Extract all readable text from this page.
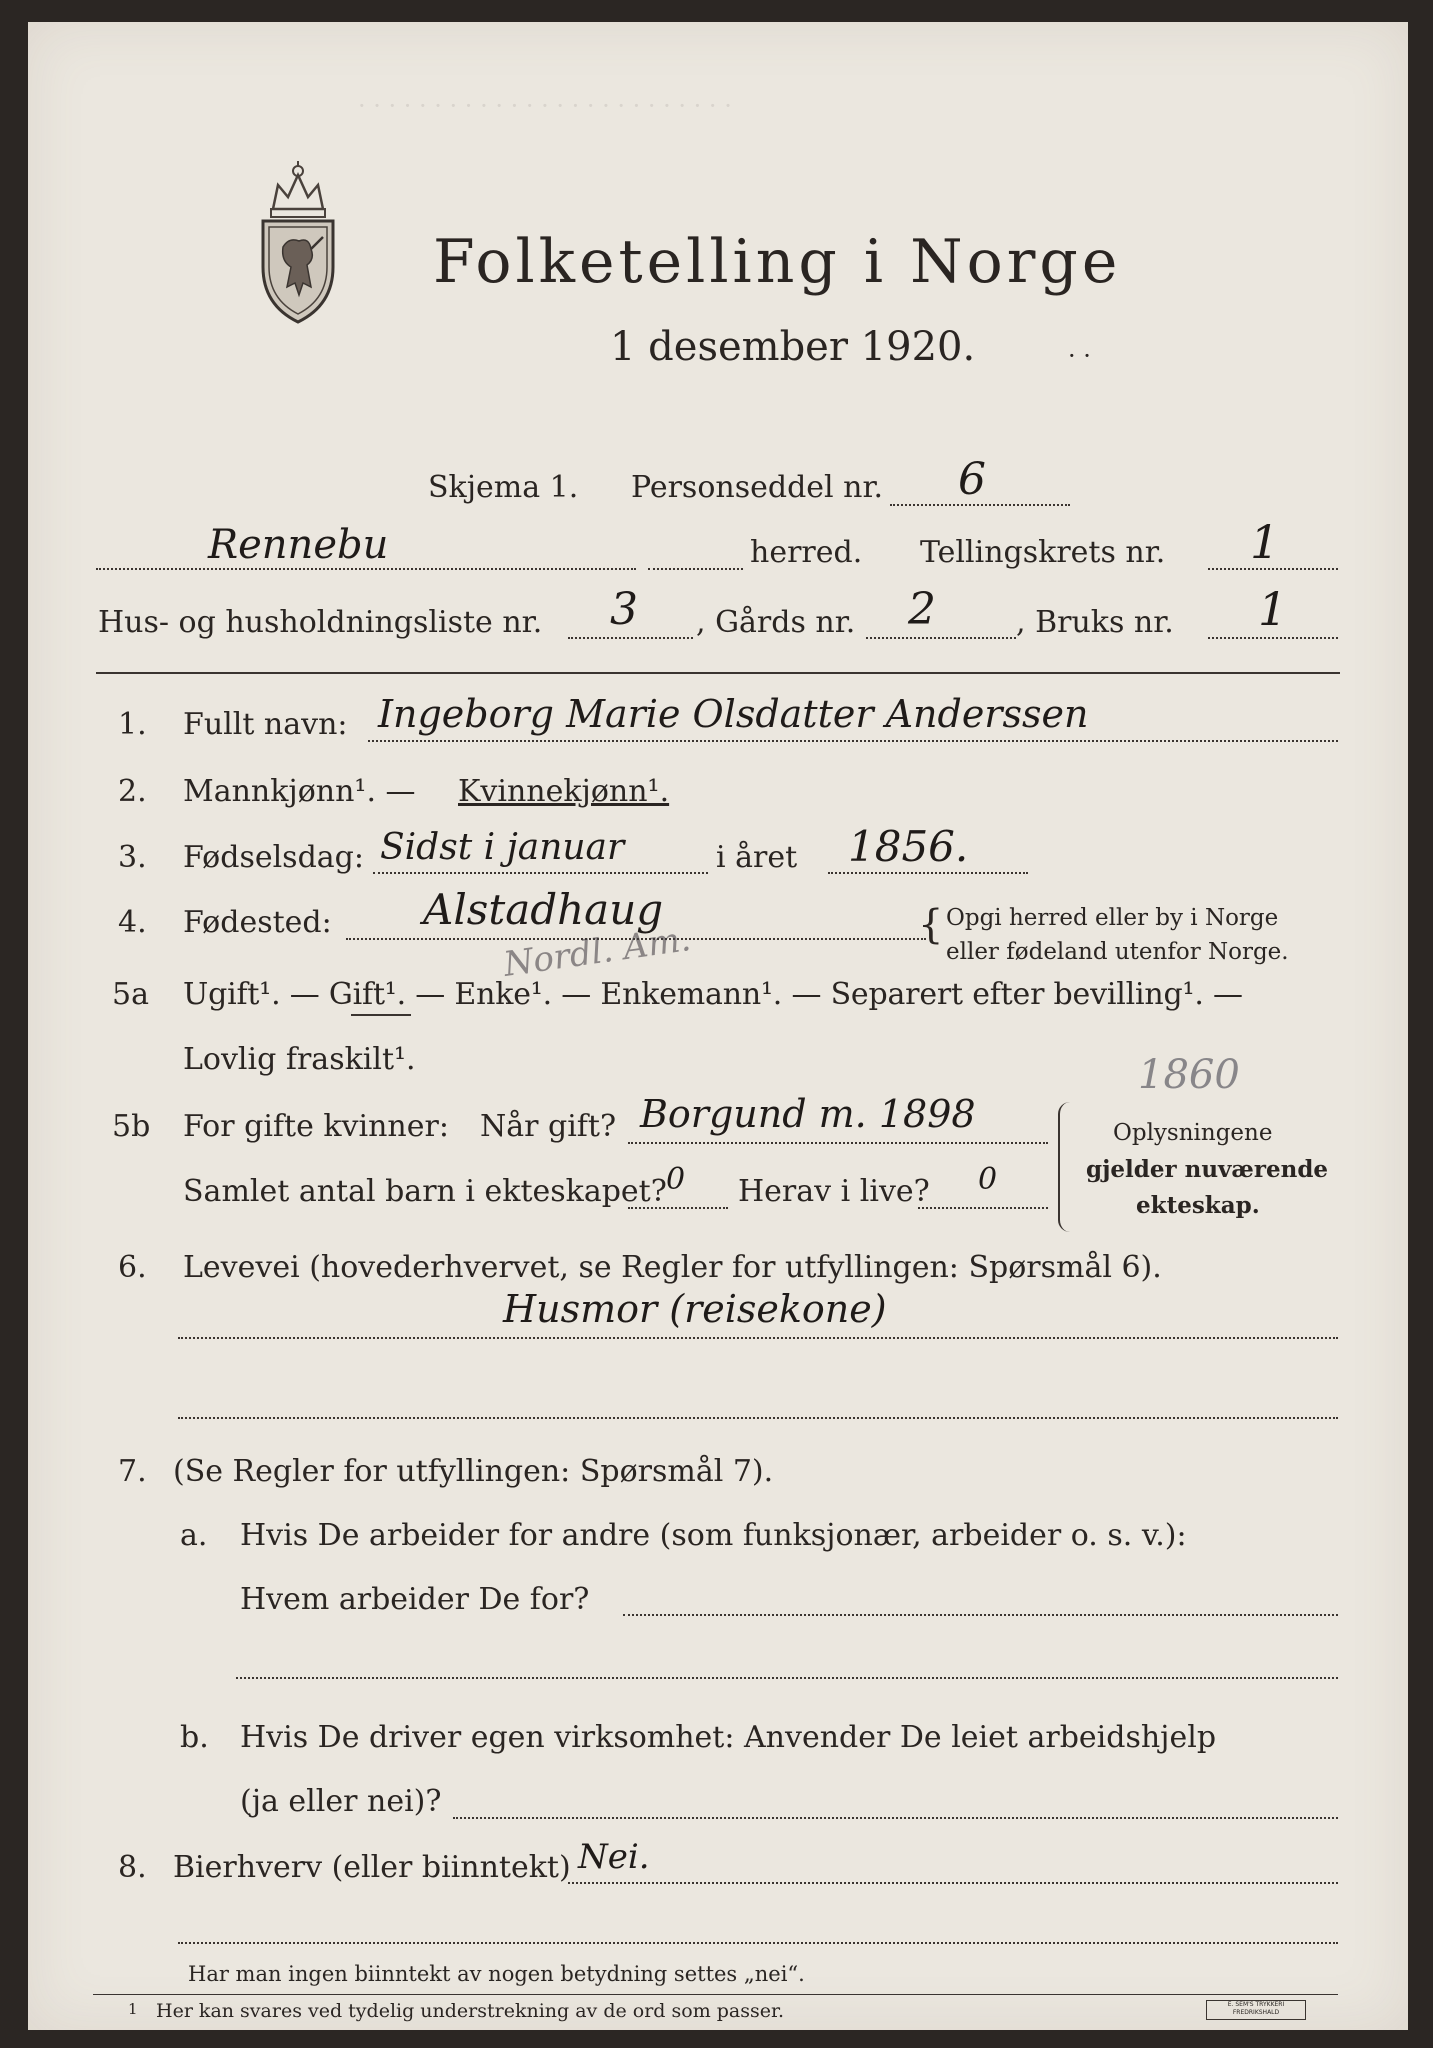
· · · · · · · · · · · · · · · · · · · · · · · · ·
Folketelling i Norge
1 desember 1920.	· ·
Skjema 1. Personseddel nr. 6
Rennebu	herred. Tellingskrets nr. 1
Hus- og husholdningsliste nr. 3 , Gårds nr. 2	, Bruks nr. 1
1. Fullt navn: Ingeborg Marie Olsdatter Anderssen
2. Mannkjønn¹. — Kvinnekjønn¹.
3. Fødselsdag: Sidst i januar	i året 1856.
4. Fødested: Alstadhaug	{ Opgi herred eller by i Norge
eller fødeland utenfor Norge.
Nordl. Am.
5a Ugift¹. — Gift¹. — Enke¹. — Enkemann¹. — Separert efter bevilling¹. —
Lovlig fraskilt¹.
5b For gifte kvinner: Når gift? Borgund m. 1898
Samlet antal barn i ekteskapet? 0 Herav i live? 0
Oplysningene
gjelder nuværende
ekteskap.
1860
6. Levevei (hovederhvervet, se Regler for utfyllingen: Spørsmål 6).
Husmor (reisekone)
7. (Se Regler for utfyllingen: Spørsmål 7).
a. Hvis De arbeider for andre (som funksjonær, arbeider o. s. v.):
Hvem arbeider De for?
b. Hvis De driver egen virksomhet: Anvender De leiet arbeidshjelp
(ja eller nei)?
8. Bierhverv (eller biinntekt) Nei.
Har man ingen biinntekt av nogen betydning settes „nei“.
1 Her kan svares ved tydelig understrekning av de ord som passer.	E. SEM'S TRYKKERI FREDRIKSHALD
